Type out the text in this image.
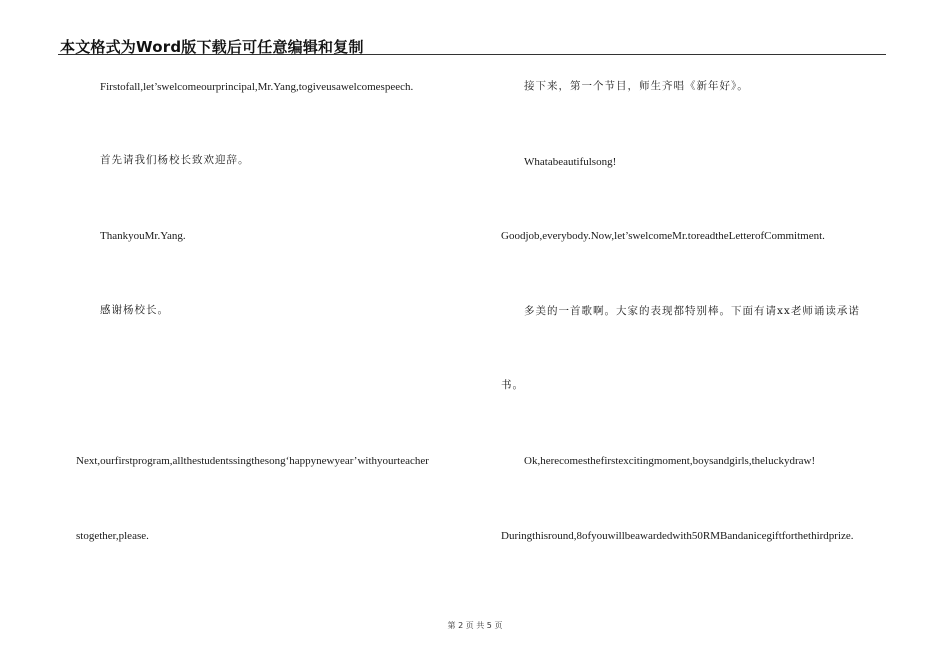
本文格式为Word版下载后可任意编辑和复制
Firstofall,let’swelcomeourprincipal,Mr.Yang,togiveusawelcomespeech.
首先请我们杨校长致欢迎辞。
ThankyouMr.Yang.
感谢杨校长。
Next,ourfirstprogram,allthestudentssingthesong‘happynewyear’withyourteacher
stogether,please.
接下来，第一个节目，师生齐唱《新年好》。
Whatabeautifulsong!
Goodjob,everybody.Now,let’swelcomeMr.toreadtheLetterofCommitment.
多美的一首歌啊。大家的表现都特别棒。下面有请xx老师诵读承诺
书。
Ok,herecomesthefirstexcitingmoment,boysandgirls,theluckydraw!
Duringthisround,8ofyouwillbeawardedwith50RMBandanicegiftforthethirdprize.
第 2 页 共 5 页
